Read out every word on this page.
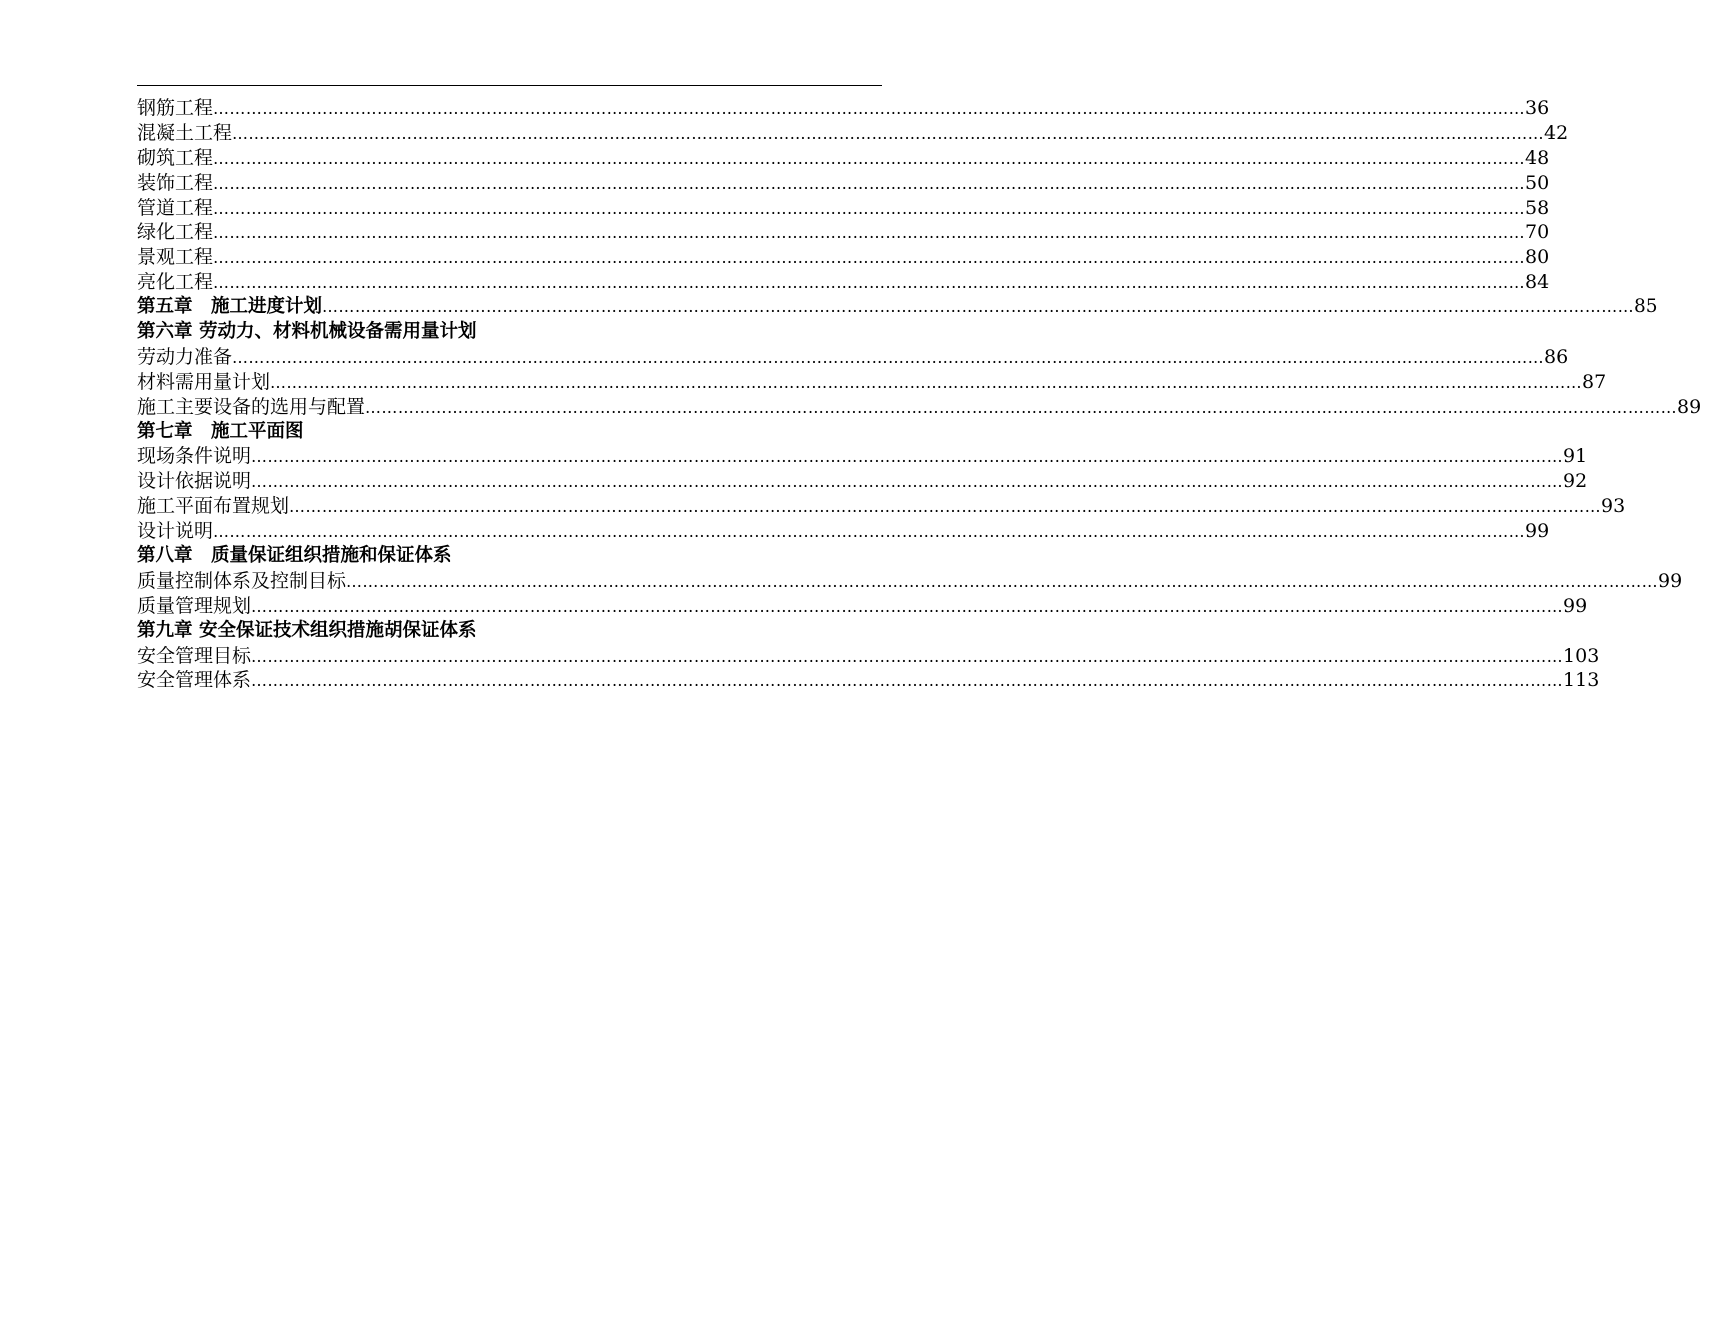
钢筋工程 …………………………………………………………………………………………………………………………………………………………………………………………………………………… 36
混凝土工程 …………………………………………………………………………………………………………………………………………………………………………………………………………………… 42
砌筑工程 …………………………………………………………………………………………………………………………………………………………………………………………………………………… 48
装饰工程 …………………………………………………………………………………………………………………………………………………………………………………………………………………… 50
管道工程 …………………………………………………………………………………………………………………………………………………………………………………………………………………… 58
绿化工程 …………………………………………………………………………………………………………………………………………………………………………………………………………………… 70
景观工程 …………………………………………………………………………………………………………………………………………………………………………………………………………………… 80
亮化工程 …………………………………………………………………………………………………………………………………………………………………………………………………………………… 84
第五章　施工进度计划 …………………………………………………………………………………………………………………………………………………………………………………………………………………… 85
第六章 劳动力、材料机械设备需用量计划
劳动力准备 …………………………………………………………………………………………………………………………………………………………………………………………………………………… 86
材料需用量计划 …………………………………………………………………………………………………………………………………………………………………………………………………………………… 87
施工主要设备的选用与配置 …………………………………………………………………………………………………………………………………………………………………………………………………………………… 89
第七章　施工平面图
现场条件说明 …………………………………………………………………………………………………………………………………………………………………………………………………………………… 91
设计依据说明 …………………………………………………………………………………………………………………………………………………………………………………………………………………… 92
施工平面布置规划 …………………………………………………………………………………………………………………………………………………………………………………………………………………… 93
设计说明 …………………………………………………………………………………………………………………………………………………………………………………………………………………… 99
第八章　质量保证组织措施和保证体系
质量控制体系及控制目标 …………………………………………………………………………………………………………………………………………………………………………………………………………………… 99
质量管理规划 …………………………………………………………………………………………………………………………………………………………………………………………………………………… 99
第九章 安全保证技术组织措施胡保证体系
安全管理目标 …………………………………………………………………………………………………………………………………………………………………………………………………………………… 103
安全管理体系 …………………………………………………………………………………………………………………………………………………………………………………………………………………… 113
